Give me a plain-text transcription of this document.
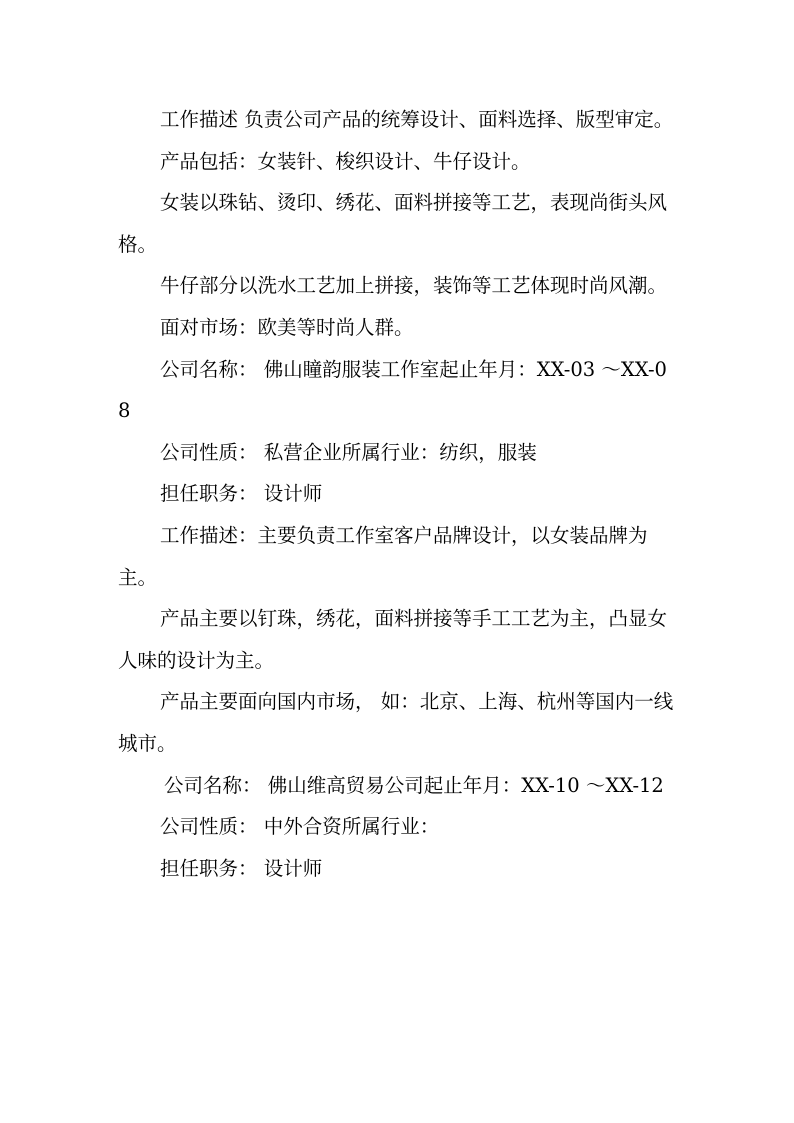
工作描述 负责公司产品的统筹设计、面料选择、版型审定。

产品包括：女装针、梭织设计、牛仔设计。

女装以珠钻、烫印、绣花、面料拼接等工艺，表现尚街头风格。

牛仔部分以洗水工艺加上拼接，装饰等工艺体现时尚风潮。

面对市场：欧美等时尚人群。

公司名称： 佛山瞳韵服装工作室起止年月：XX-03 ～XX-08

公司性质： 私营企业所属行业：纺织，服装

担任职务： 设计师

工作描述：主要负责工作室客户品牌设计，以女装品牌为主。

产品主要以钉珠，绣花，面料拼接等手工工艺为主，凸显女人味的设计为主。

产品主要面向国内市场， 如：北京、上海、杭州等国内一线城市。

公司名称： 佛山维高贸易公司起止年月：XX-10 ～XX-12

公司性质： 中外合资所属行业：

担任职务： 设计师
